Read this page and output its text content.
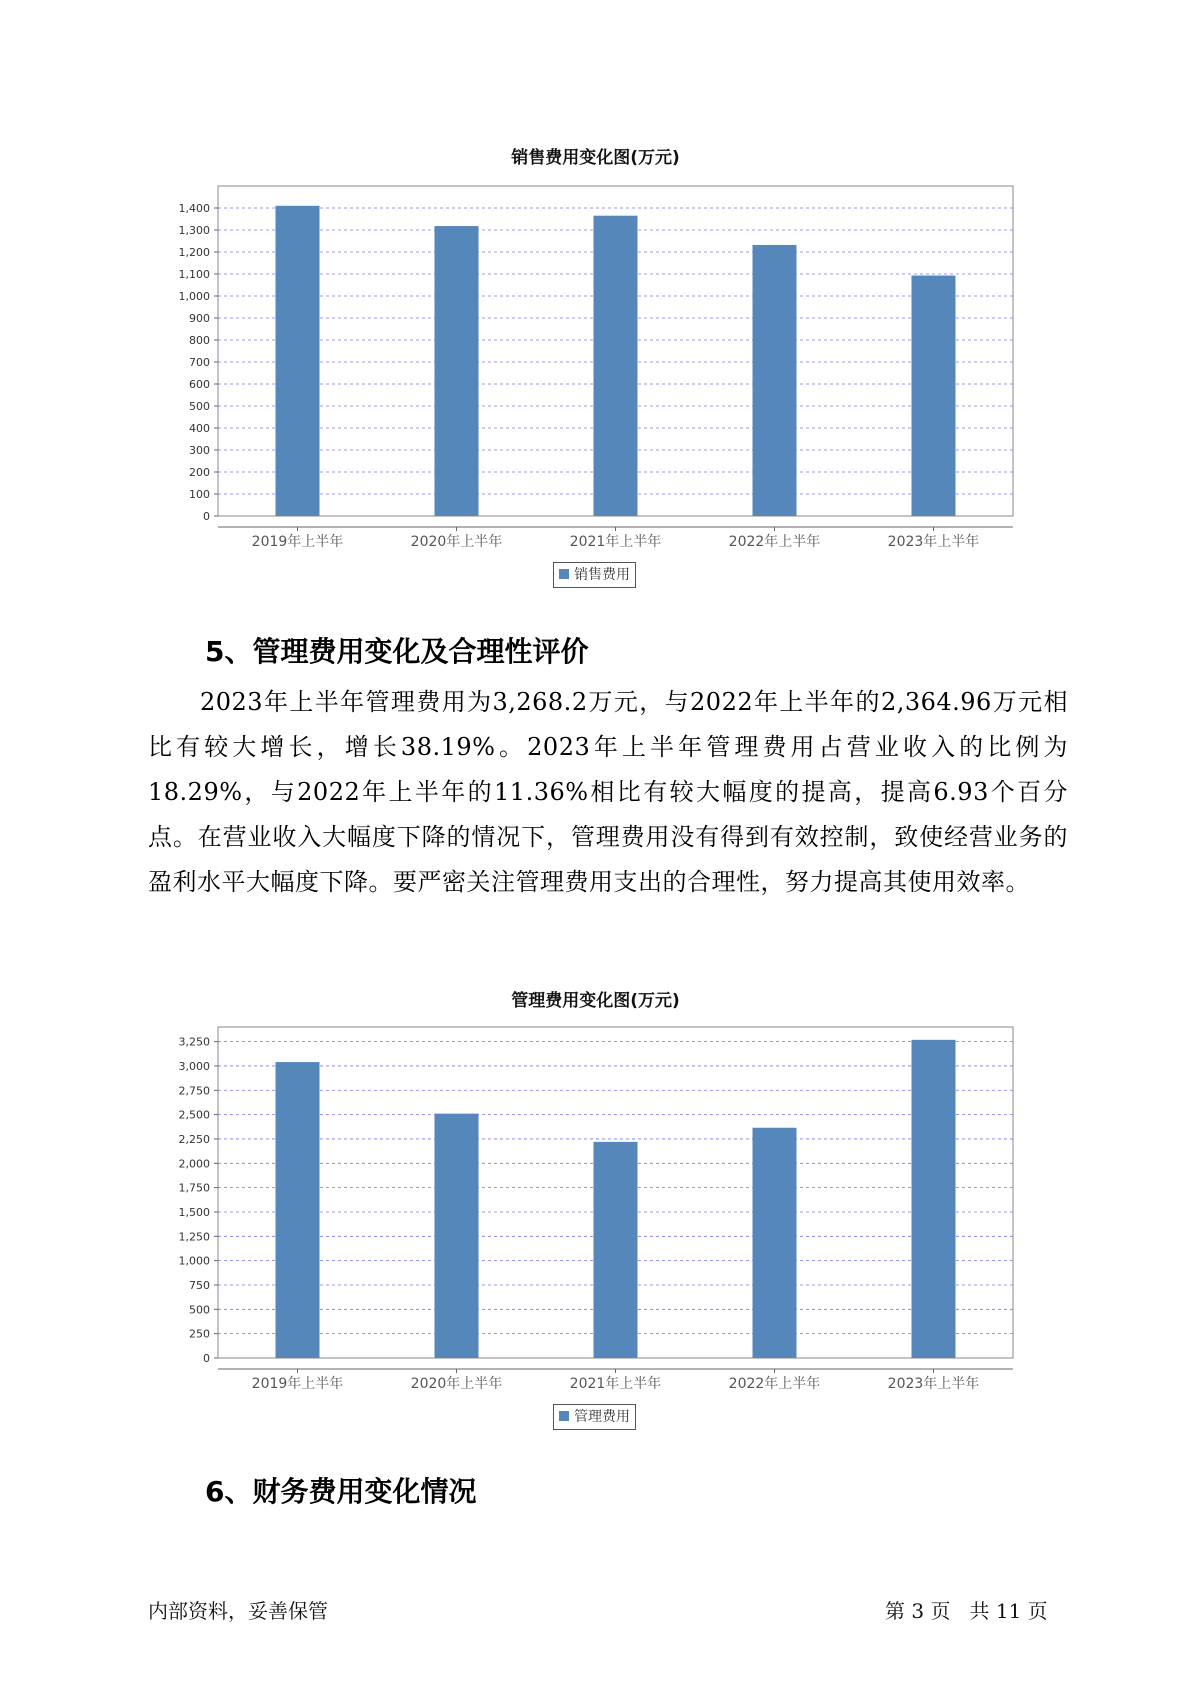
销售费用变化图(万元)
0
100
200
300
400
500
600
700
800
900
1,000
1,100
1,200
1,300
1,400
2019年上半年	2020年上半年	2021年上半年	2022年上半年	2023年上半年
销售费用
5、管理费用变化及合理性评价
2023年上半年管理费用为3,268.2万元，与2022年上半年的2,364.96万元相比有较大增长，增长38.19%。2023年上半年管理费用占营业收入的比例为18.29%，与2022年上半年的11.36%相比有较大幅度的提高，提高6.93个百分点。在营业收入大幅度下降的情况下，管理费用没有得到有效控制，致使经营业务的盈利水平大幅度下降。要严密关注管理费用支出的合理性，努力提高其使用效率。
管理费用变化图(万元)
0
250
500
750
1,000
1,250
1,500
1,750
2,000
2,250
2,500
2,750
3,000
3,250
2019年上半年	2020年上半年	2021年上半年	2022年上半年	2023年上半年
管理费用
6、财务费用变化情况
内部资料，妥善保管	第 3 页   共 11 页
